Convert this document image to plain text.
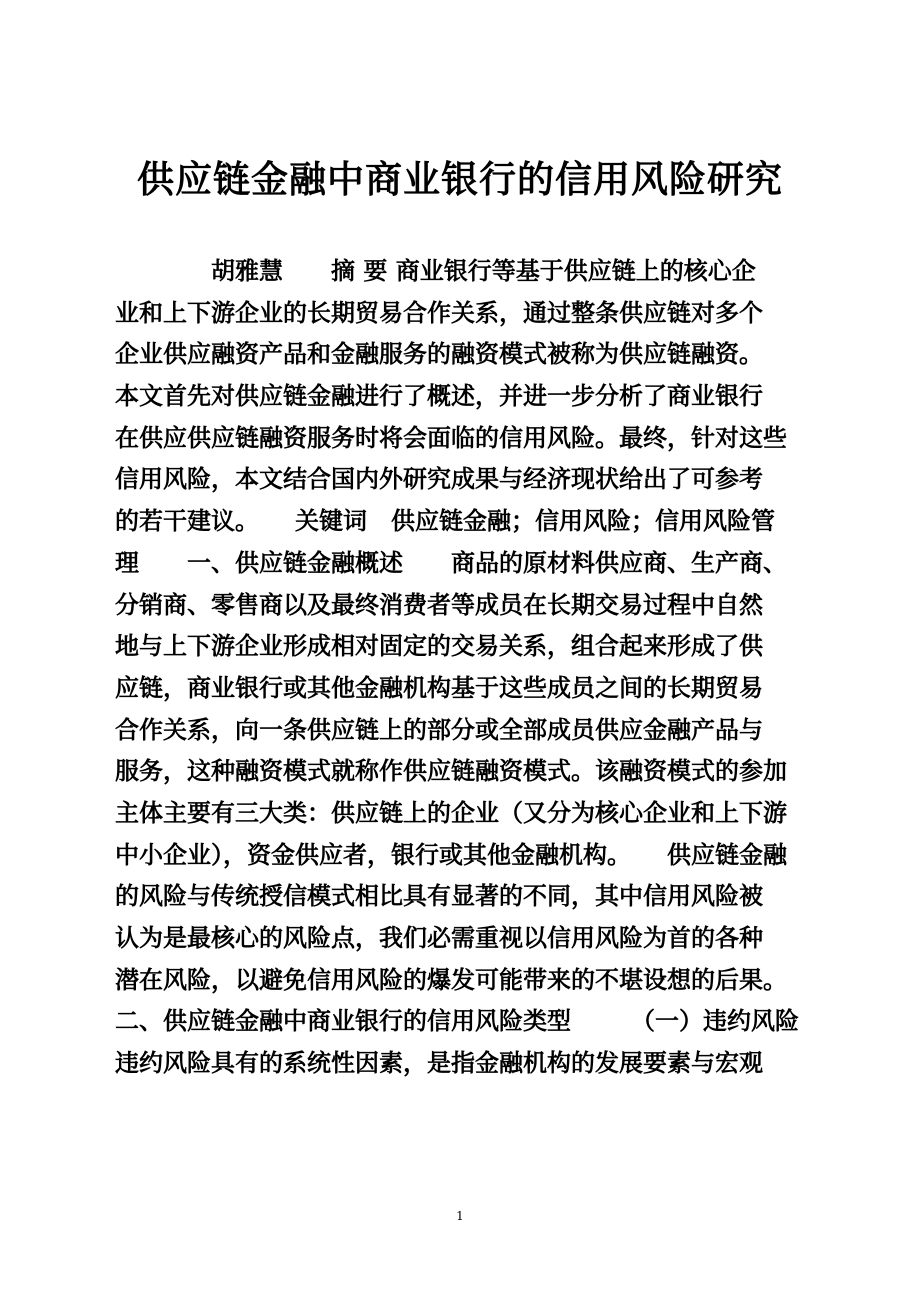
供应链金融中商业银行的信用风险研究
　　　　胡雅慧　　摘 要 商业银行等基于供应链上的核心企
业和上下游企业的长期贸易合作关系，通过整条供应链对多个
企业供应融资产品和金融服务的融资模式被称为供应链融资。
本文首先对供应链金融进行了概述，并进一步分析了商业银行
在供应供应链融资服务时将会面临的信用风险。最终，针对这些
信用风险，本文结合国内外研究成果与经济现状给出了可参考
的若干建议。　　关键词　供应链金融；信用风险；信用风险管
理　　一、供应链金融概述　　商品的原材料供应商、生产商、
分销商、零售商以及最终消费者等成员在长期交易过程中自然
地与上下游企业形成相对固定的交易关系，组合起来形成了供
应链，商业银行或其他金融机构基于这些成员之间的长期贸易
合作关系，向一条供应链上的部分或全部成员供应金融产品与
服务，这种融资模式就称作供应链融资模式。该融资模式的参加
主体主要有三大类：供应链上的企业（又分为核心企业和上下游
中小企业），资金供应者，银行或其他金融机构。　　供应链金融
的风险与传统授信模式相比具有显著的不同，其中信用风险被
认为是最核心的风险点，我们必需重视以信用风险为首的各种
潜在风险，以避免信用风险的爆发可能带来的不堪设想的后果。
二、供应链金融中商业银行的信用风险类型　　　（一）违约风险
违约风险具有的系统性因素，是指金融机构的发展要素与宏观
1
